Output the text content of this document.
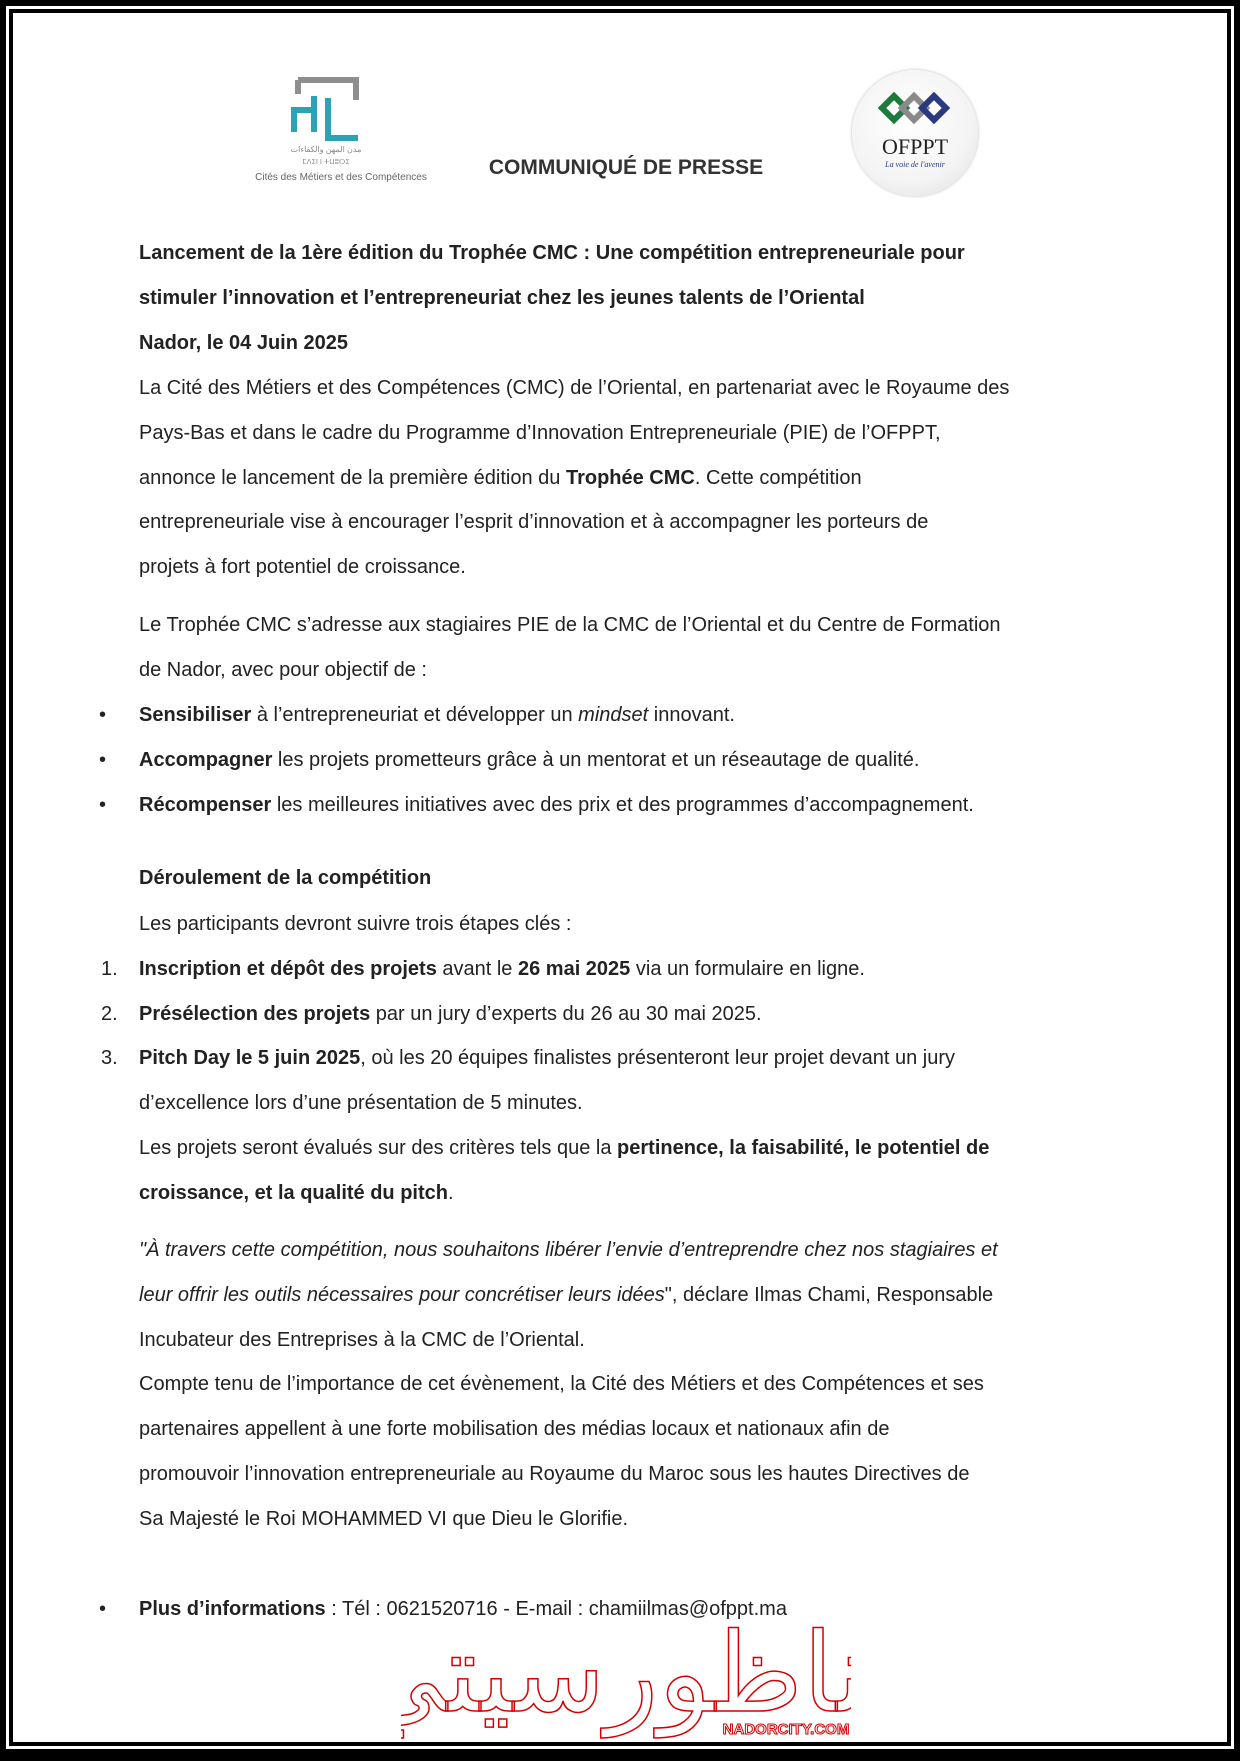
مدن المهن والكفاءات
ⵎⴷⵉⵏ ⵏ ⵜⵡⵓⵔⵉ
Cités des Métiers et des Compétences
OFPPT
La voie de l'avenir
COMMUNIQUÉ DE PRESSE
Lancement de la 1ère édition du Trophée CMC : Une compétition entrepreneuriale pour
stimuler l’innovation et l’entrepreneuriat chez les jeunes talents de l’Oriental
Nador, le 04 Juin 2025
La Cité des Métiers et des Compétences (CMC) de l’Oriental, en partenariat avec le Royaume des
Pays-Bas et dans le cadre du Programme d’Innovation Entrepreneuriale (PIE) de l’OFPPT,
annonce le lancement de la première édition du Trophée CMC. Cette compétition
entrepreneuriale vise à encourager l’esprit d’innovation et à accompagner les porteurs de
projets à fort potentiel de croissance.
Le Trophée CMC s’adresse aux stagiaires PIE de la CMC de l’Oriental et du Centre de Formation
de Nador, avec pour objectif de :
•	Sensibiliser à l’entrepreneuriat et développer un mindset innovant.
•	Accompagner les projets prometteurs grâce à un mentorat et un réseautage de qualité.
•	Récompenser les meilleures initiatives avec des prix et des programmes d’accompagnement.
Déroulement de la compétition
Les participants devront suivre trois étapes clés :
1.	Inscription et dépôt des projets avant le 26 mai 2025 via un formulaire en ligne.
2.	Présélection des projets par un jury d’experts du 26 au 30 mai 2025.
3.	Pitch Day le 5 juin 2025, où les 20 équipes finalistes présenteront leur projet devant un jury
d’excellence lors d’une présentation de 5 minutes.
Les projets seront évalués sur des critères tels que la pertinence, la faisabilité, le potentiel de
croissance, et la qualité du pitch.
"À travers cette compétition, nous souhaitons libérer l’envie d’entreprendre chez nos stagiaires et
leur offrir les outils nécessaires pour concrétiser leurs idées", déclare Ilmas Chami, Responsable
Incubateur des Entreprises à la CMC de l’Oriental.
Compte tenu de l’importance de cet évènement, la Cité des Métiers et des Compétences et ses
partenaires appellent à une forte mobilisation des médias locaux et nationaux afin de
promouvoir l’innovation entrepreneuriale au Royaume du Maroc sous les hautes Directives de
Sa Majesté le Roi MOHAMMED VI que Dieu le Glorifie.
•	Plus d’informations : Tél : 0621520716 - E-mail : chamiilmas@ofppt.ma ناظورسيت	NADORCITY.COM
